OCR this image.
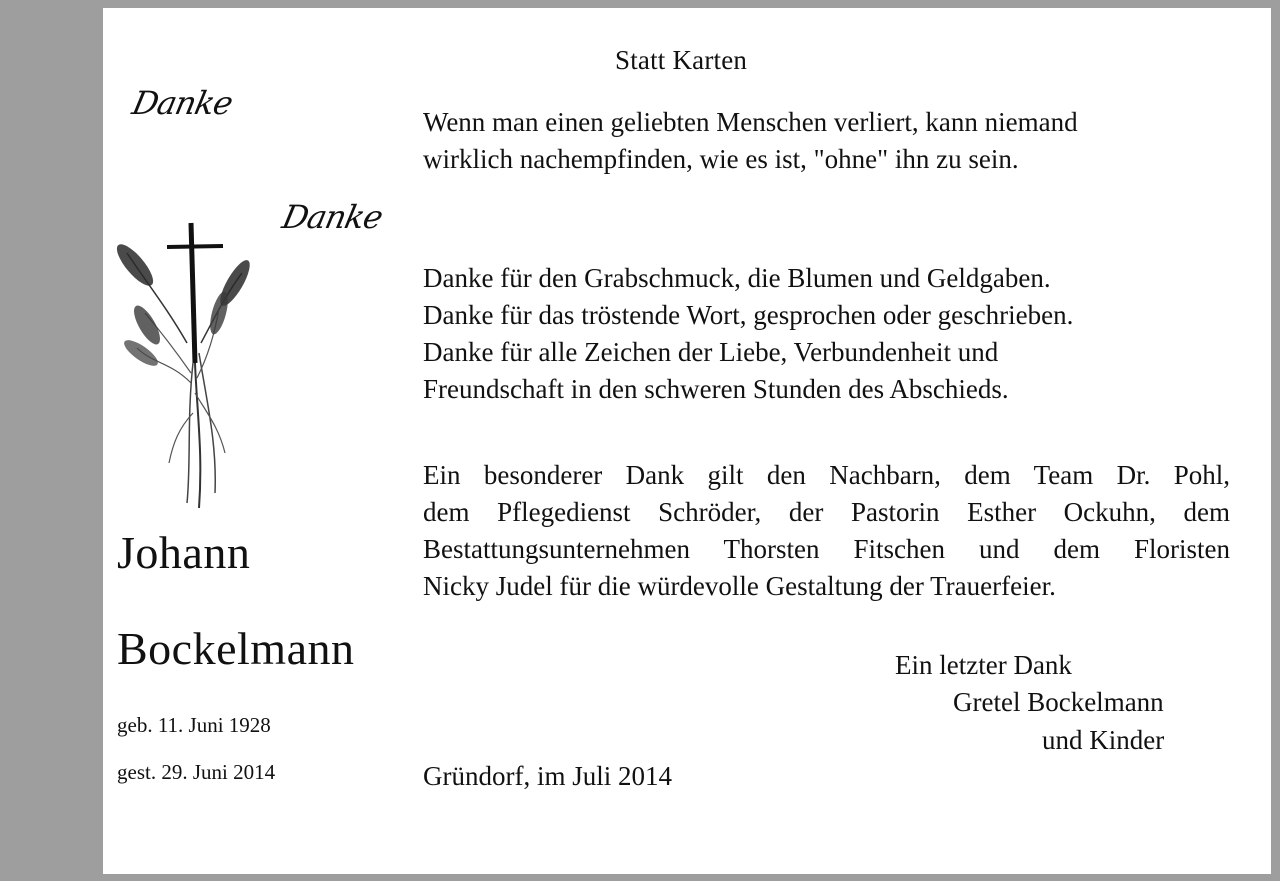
Statt Karten
Danke
Danke
Wenn man einen geliebten Menschen verliert, kann niemand
wirklich nachempfinden, wie es ist, "ohne" ihn zu sein.
Danke für den Grabschmuck, die Blumen und Geldgaben.
Danke für das tröstende Wort, gesprochen oder geschrieben.
Danke für alle Zeichen der Liebe, Verbundenheit und
Freundschaft in den schweren Stunden des Abschieds.
Ein besonderer Dank gilt den Nachbarn, dem Team Dr. Pohl,
dem Pflegedienst Schröder, der Pastorin Esther Ockuhn, dem
Bestattungsunternehmen Thorsten Fitschen und dem Floristen
Nicky Judel für die würdevolle Gestaltung der Trauerfeier.
Johann
Bockelmann
geb. 11. Juni 1928
gest. 29. Juni 2014	Gründorf, im Juli 2014
Ein letzter Dank
Gretel Bockelmann
und Kinder
